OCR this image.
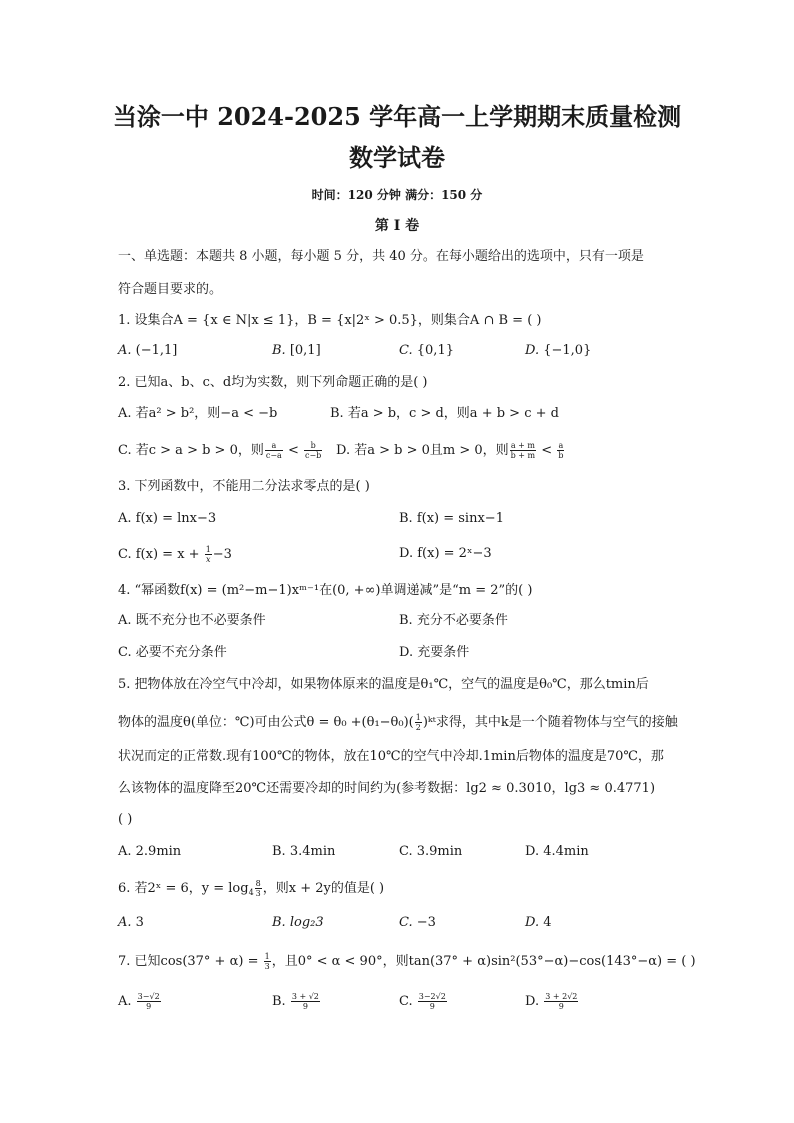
当涂一中 2024-2025 学年高一上学期期末质量检测
数学试卷
时间：120 分钟 满分：150 分
第 I 卷
一、单选题：本题共 8 小题，每小题 5 分，共 40 分。在每小题给出的选项中，只有一项是
符合题目要求的。
1. 设集合A = {x ∈ N|x ≤ 1}，B = {x|2ˣ > 0.5}，则集合A ∩ B = ( )
A. (−1,1]	B. [0,1]	C. {0,1}	D. {−1,0}
2. 已知a、b、c、d均为实数，则下列命题正确的是( )
A. 若a² > b²，则−a < −b	B. 若a > b，c > d，则a + b > c + d
C. 若c > a > b > 0，则 $\frac{a}{c-a} < \frac{b}{c-b} D$. 若a > b > 0且m > 0，则 $\frac{a + m}{b + m} < \frac{a}{b}$
3. 下列函数中，不能用二分法求零点的是( )
A. f(x) = lnx−3	B. f(x) = sinx−1
C. $f(x) = x + \frac{1}{x} -3$	D. f(x) = 2ˣ−3
4. “幂函数f(x) = (m²−m−1)xᵐ⁻¹在(0, +∞)单调递减”是“m = 2”的( )
A. 既不充分也不必要条件	B. 充分不必要条件
C. 必要不充分条件	D. 充要条件
5. 把物体放在冷空气中冷却，如果物体原来的温度是θ₁℃，空气的温度是θ₀℃，那么tmin后
物体的温度θ(单位：℃)可由公式$\theta = \theta_0 +(\theta_1-\theta_0)( \frac{1}{2}$ )ᵏᵗ求得，其中k是一个随着物体与空气的接触
状况而定的正常数.现有100℃的物体，放在10℃的空气中冷却.1min后物体的温度是70℃，那
么该物体的温度降至20℃还需要冷却的时间约为(参考数据：lg2 ≈ 0.3010，lg3 ≈ 0.4771)
( )
A. 2.9min	B. 3.4min	C. 3.9min	D. 4.4min
6. 若2ˣ = 6，$y = \log_4 \frac{8}{3}$ ，则x + 2y的值是( )
A. 3	B. log₂3	C. −3	D. 4
7. 已知$\cos(37^\circ + \alpha) = \frac{1}{3}$ ，且0° < α < 90°，则tan(37° + α)sin²(53°−α)−cos(143°−α) = ( )
A. $\frac{3-√2}{9}$	B. $\frac{3 + √2}{9}$	C. $\frac{3-2√2}{9}$	D. $\frac{3 + 2√2}{9}$
